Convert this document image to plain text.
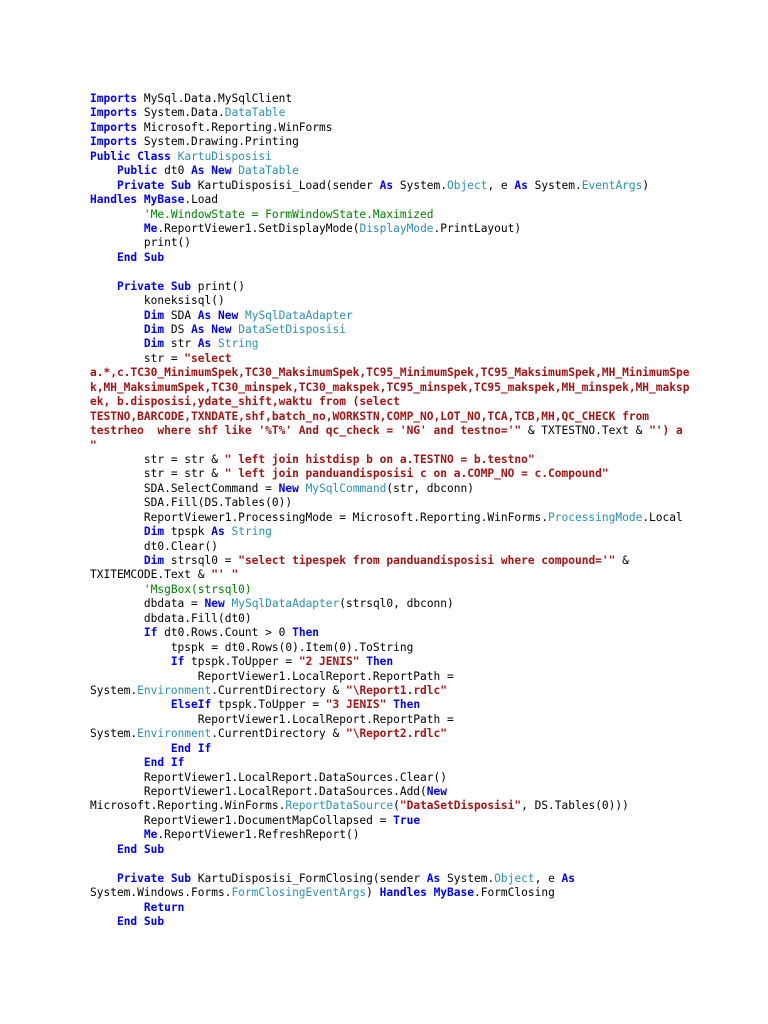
Imports MySql.Data.MySqlClient
Imports System.Data.DataTable
Imports Microsoft.Reporting.WinForms
Imports System.Drawing.Printing
Public Class KartuDisposisi
Public dt0 As New DataTable
Private Sub KartuDisposisi_Load(sender As System.Object, e As System.EventArgs)
Handles MyBase.Load
'Me.WindowState = FormWindowState.Maximized
Me.ReportViewer1.SetDisplayMode(DisplayMode.PrintLayout)
print()
End Sub
Private Sub print()
koneksisql()
Dim SDA As New MySqlDataAdapter
Dim DS As New DataSetDisposisi
Dim str As String
str = "select
a.*,c.TC30_MinimumSpek,TC30_MaksimumSpek,TC95_MinimumSpek,TC95_MaksimumSpek,MH_MinimumSpe
k,MH_MaksimumSpek,TC30_minspek,TC30_makspek,TC95_minspek,TC95_makspek,MH_minspek,MH_maksp
ek, b.disposisi,ydate_shift,waktu from (select
TESTNO,BARCODE,TXNDATE,shf,batch_no,WORKSTN,COMP_NO,LOT_NO,TCA,TCB,MH,QC_CHECK from
testrheo  where shf like '%T%' And qc_check = 'NG' and testno='" & TXTESTNO.Text & "') a
"
str = str & " left join histdisp b on a.TESTNO = b.testno"
str = str & " left join panduandisposisi c on a.COMP_NO = c.Compound"
SDA.SelectCommand = New MySqlCommand(str, dbconn)
SDA.Fill(DS.Tables(0))
ReportViewer1.ProcessingMode = Microsoft.Reporting.WinForms.ProcessingMode.Local
Dim tpspk As String
dt0.Clear()
Dim strsql0 = "select tipespek from panduandisposisi where compound='" &
TXITEMCODE.Text & "' "
'MsgBox(strsql0)
dbdata = New MySqlDataAdapter(strsql0, dbconn)
dbdata.Fill(dt0)
If dt0.Rows.Count > 0 Then
tpspk = dt0.Rows(0).Item(0).ToString
If tpspk.ToUpper = "2 JENIS" Then
ReportViewer1.LocalReport.ReportPath =
System.Environment.CurrentDirectory & "\Report1.rdlc"
ElseIf tpspk.ToUpper = "3 JENIS" Then
ReportViewer1.LocalReport.ReportPath =
System.Environment.CurrentDirectory & "\Report2.rdlc"
End If
End If
ReportViewer1.LocalReport.DataSources.Clear()
ReportViewer1.LocalReport.DataSources.Add(New
Microsoft.Reporting.WinForms.ReportDataSource("DataSetDisposisi", DS.Tables(0)))
ReportViewer1.DocumentMapCollapsed = True
Me.ReportViewer1.RefreshReport()
End Sub
Private Sub KartuDisposisi_FormClosing(sender As System.Object, e As
System.Windows.Forms.FormClosingEventArgs) Handles MyBase.FormClosing
Return
End Sub
